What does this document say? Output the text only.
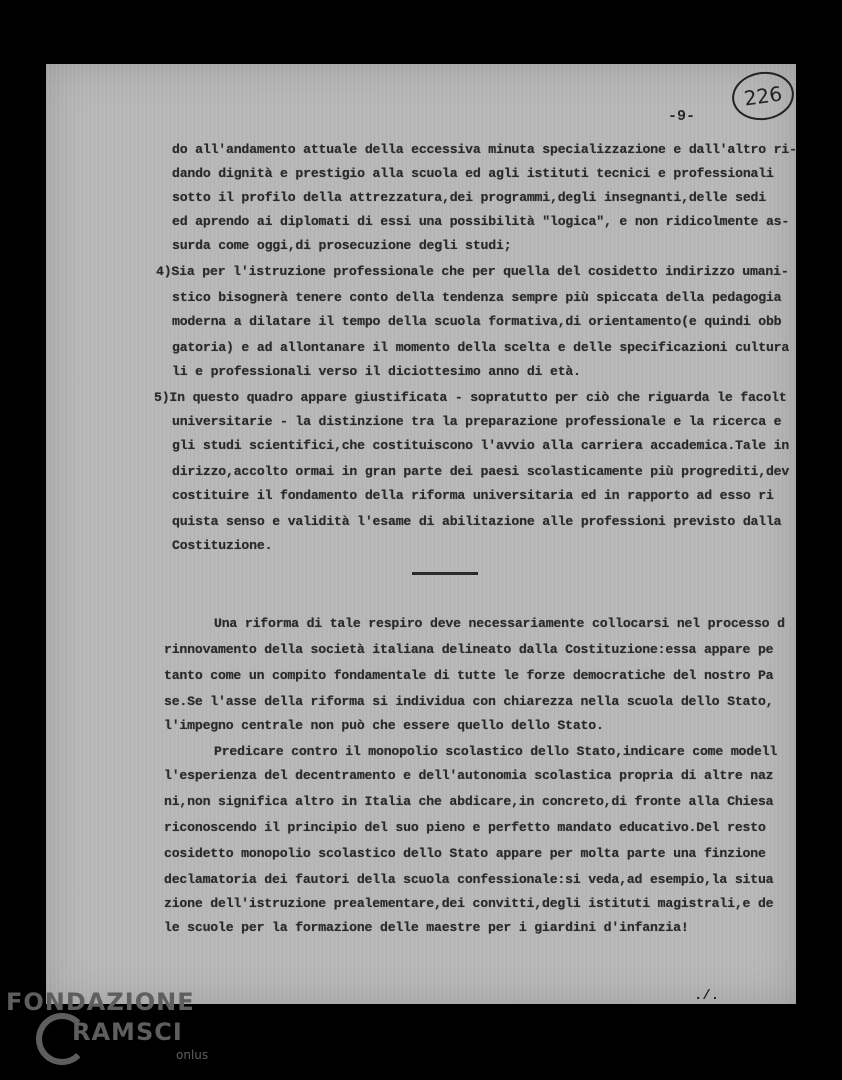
226
-9-
do all'andamento attuale della eccessiva minuta specializzazione e dall'altro ri-
dando dignità e prestigio alla scuola ed agli istituti tecnici e professionali
sotto il profilo della attrezzatura,dei programmi,degli insegnanti,delle sedi
ed aprendo ai diplomati di essi una possibilità "logica", e non ridicolmente as-
surda come oggi,di prosecuzione degli studi;
4)Sia per l'istruzione professionale che per quella del cosidetto indirizzo umani-
stico bisognerà tenere conto della tendenza sempre più spiccata della pedagogia
moderna a dilatare il tempo della scuola formativa,di orientamento(e quindi obb
gatoria) e ad allontanare il momento della scelta e delle specificazioni cultura
li e professionali verso il diciottesimo anno di età.
5)In questo quadro appare giustificata - sopratutto per ciò che riguarda le facolt
universitarie - la distinzione tra la preparazione professionale e la ricerca e
gli studi scientifici,che costituiscono l'avvio alla carriera accademica.Tale in
dirizzo,accolto ormai in gran parte dei paesi scolasticamente più progrediti,dev
costituire il fondamento della riforma universitaria ed in rapporto ad esso ri
quista senso e validità l'esame di abilitazione alle professioni previsto dalla
Costituzione.
Una riforma di tale respiro deve necessariamente collocarsi nel processo d
rinnovamento della società italiana delineato dalla Costituzione:essa appare pe
tanto come un compito fondamentale di tutte le forze democratiche del nostro Pa
se.Se l'asse della riforma si individua con chiarezza nella scuola dello Stato,
l'impegno centrale non può che essere quello dello Stato.
Predicare contro il monopolio scolastico dello Stato,indicare come modell
l'esperienza del decentramento e dell'autonomia scolastica propria di altre naz
ni,non significa altro in Italia che abdicare,in concreto,di fronte alla Chiesa
riconoscendo il principio del suo pieno e perfetto mandato educativo.Del resto
cosidetto monopolio scolastico dello Stato appare per molta parte una finzione
declamatoria dei fautori della scuola confessionale:si veda,ad esempio,la situa
zione dell'istruzione prealementare,dei convitti,degli istituti magistrali,e de
le scuole per la formazione delle maestre per i giardini d'infanzia!
./.
FONDAZIONE
RAMSCI
onlus
